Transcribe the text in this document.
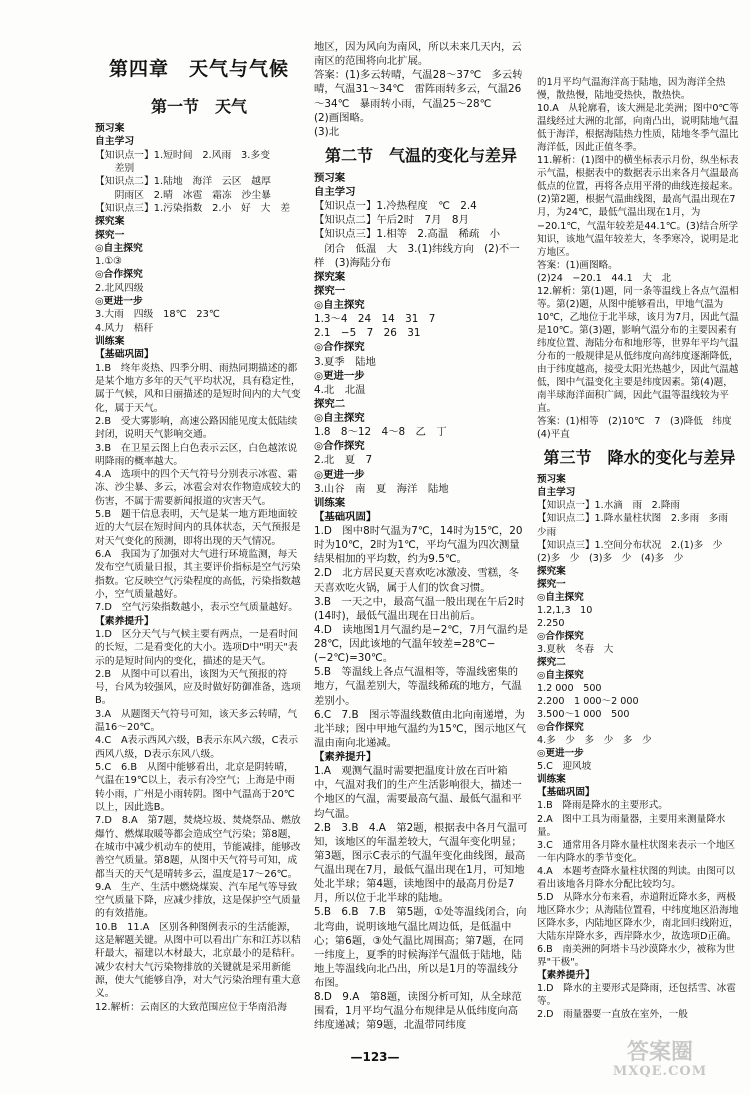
第四章　天气与气候
第一节　天气
预习案
自主学习
【知识点一】1.短时间　2.风雨　3.多变
　　差别
【知识点二】1.陆地　海洋　云区　越厚
　　阴雨区　2.晴　冰雹　霜冻　沙尘暴
【知识点三】1.污染指数　2.小　好　大　差
探究案
探究一
◎自主探究
1.①③
◎合作探究
2.北风四级
◎更进一步
3.大雨　四级　18℃　23℃
4.风力　梧秆
训练案
【基础巩固】
1.B　终年炎热、四季分明、雨热同期描述的都是某个地方多年的天气平均状况，具有稳定性，属于气候，风和日丽描述的是短时间内的大气变化，属于天气。
2.B　受大雾影响，高速公路因能见度太低陆续封闭，说明天气影响交通。
3.B　在卫星云图上白色表示云区，白色越浓说明降雨的概率越大。
4.A　选项中的四个天气符号分别表示冰雹、霜冻、沙尘暴、多云，冰雹会对农作物造成较大的伤害，不属于需要新闻报道的灾害天气。
5.B　题干信息表明，天气是某一地方距地面较近的大气层在短时间内的具体状态，天气预报是对天气变化的预测，即将出现的天气情况。
6.A　我国为了加强对大气进行环境监测，每天发布空气质量日报，其主要评价指标是空气污染指数。它反映空气污染程度的高低，污染指数越小，空气质量越好。
7.D　空气污染指数越小，表示空气质量越好。
【素养提升】
1.D　区分天气与气候主要有两点，一是看时间的长短，二是看变化的大小。选项D中"明天"表示的是短时间内的变化，描述的是天气。
2.B　从图中可以看出，该图为天气预报的符号，台风为较强风，应及时做好防御准备，选项B。
3.A　从题图天气符号可知，该天多云转晴，气温16～20℃。
4.C　A表示西风六级，B表示东风六级，C表示西风八级，D表示东风八级。
5.C　6.B　从图中能够看出，北京是阴转晴，气温在19℃以上，表示有冷空气；上海是中雨转小雨，广州是小雨转阴。图中气温高于20℃以上，因此选B。
7.D　8.A　第7题，焚烧垃圾、焚烧祭品、燃放爆竹、燃煤取暖等都会造成空气污染；第8题，在城市中减少机动车的使用，节能减排，能够改善空气质量。第8题，从图中天气符号可知，成都当天的天气是晴转多云，温度是17～26℃。
9.A　生产、生活中燃烧煤炭、汽车尾气等导致空气质量下降，应减少排放，这是保护空气质量的有效措施。
10.B　11.A　区别各种图例表示的生活能源，这是解题关键。从图中可以看出广东和江苏以秸秆最大，福建以木材最大，北京最小的是秸秆。减少农村大气污染物排放的关键就是采用新能源，使大气能够自净，对大气污染治理有重大意义。
12.解析：云南区的大致范围应位于华南沿海
地区，因为风向为南风，所以未来几天内，云南区的范围将向北扩展。
答案：(1)多云转晴，气温28～37℃　多云转晴，气温31～34℃　雷阵雨转多云，气温26～34℃　暴雨转小雨，气温25～28℃
(2)画图略。
(3)北
第二节　气温的变化与差异
预习案
自主学习
【知识点一】1.冷热程度　℃　2.4
【知识点二】午后2时　7月　8月
【知识点三】1.相等　2.高温　稀疏　小
　闭合　低温　大　3.(1)纬线方向　(2)不一样　(3)海陆分布
探究案
探究一
◎自主探究
1.3～4　24　14　31　7
2.1　−5　7　26　31
◎合作探究
3.夏季　陆地
◎更进一步
4.北　北温
探究二
◎自主探究
1.8　8～12　4～8　乙　丁
◎合作探究
2.北　夏　7
◎更进一步
3.山谷　南　夏　海洋　陆地
训练案
【基础巩固】
1.D　图中8时气温为7℃，14时为15℃，20时为10℃，2时为1℃，平均气温为四次测量结果相加的平均数，约为9.5℃。
2.D　北方居民夏天喜欢吃冰激凌、雪糕，冬天喜欢吃火锅，属于人们的饮食习惯。
3.B　一天之中，最高气温一般出现在午后2时(14时)，最低气温出现在日出前后。
4.D　读地图1月气温约是−2℃，7月气温约是28℃，因此该地的气温年较差=28℃−(−2℃)=30℃。
5.B　等温线上各点气温相等，等温线密集的地方，气温差别大，等温线稀疏的地方，气温差别小。
6.C　7.B　图示等温线数值由北向南递增，为北半球；图中甲地气温约为15℃，图示地区气温由南向北递减。
【素养提升】
1.A　观测气温时需要把温度计放在百叶箱中，气温对我们的生产生活影响很大，描述一个地区的气温，需要最高气温、最低气温和平均气温。
2.B　3.B　4.A　第2题，根据表中各月气温可知，该地区的年温差较大，气温年变化明显；第3题，图示C表示的气温年变化曲线图，最高气温出现在7月，最低气温出现在1月，可知地处北半球；第4题，读地图中的最高月份是7月，所以位于北半球的陆地。
5.B　6.B　7.B　第5题，①处等温线闭合，向北弯曲，说明该地气温比周边低，是低温中心；第6题，③处气温比周围高；第7题，在同一纬度上，夏季的时候海洋气温低于陆地，陆地上等温线向北凸出，所以是1月的等温线分布图。
8.D　9.A　第8题，读图分析可知，从全球范围看，1月平均气温分布规律是从低纬度向高纬度递减；第9题，北温带同纬度
的1月平均气温海洋高于陆地，因为海洋全热慢，散热慢，陆地受热快，散热快。
10.A　从轮廓看，该大洲是北美洲；图中0℃等温线经过大洲的北部，向南凸出，说明陆地气温低于海洋，根据海陆热力性质，陆地冬季气温比海洋低，因此正值冬季。
11.解析：(1)图中的横坐标表示月份，纵坐标表示气温，根据表中的数据表示出来各月气温最高低点的位置，再将各点用平滑的曲线连接起来。(2)第2题，根据气温曲线图，最高气温出现在7月，为24℃，最低气温出现在1月，为−20.1℃，气温年较差是44.1℃。(3)结合所学知识，该地气温年较差大，冬季寒冷，说明是北方地区。
答案：(1)画图略。
(2)24　−20.1　44.1　大　北
12.解析：第(1)题，同一条等温线上各点气温相等。第(2)题，从图中能够看出，甲地气温为10℃，乙地位于北半球，该月为7月，因此气温是10℃。第(3)题，影响气温分布的主要因素有纬度位置、海陆分布和地形等，世界年平均气温分布的一般规律是从低纬度向高纬度逐渐降低，由于纬度越高，接受太阳光热越少，因此气温越低，图中气温变化主要是纬度因素。第(4)题，南半球海洋面积广阔，因此气温等温线较为平直。
答案：(1)相等　(2)10℃　7　(3)降低　纬度　(4)平直
第三节　降水的变化与差异
预习案
自主学习
【知识点一】1.水滴　雨　2.降雨
【知识点二】1.降水量柱状图　2.多雨　多雨　少雨
【知识点三】1.空间分布状况　2.(1)多　少　(2)多　少　(3)多　少　(4)多　少
探究案
探究一
◎自主探究
1.2,1,3　10
2.250
◎合作探究
3.夏秋　冬春　大
探究二
◎自主探究
1.2 000　500
2.200　1 000～2 000
3.500～1 000　500
◎合作探究
4.多　少　多　少　多　少
◎更进一步
5.C　迎风坡
训练案
【基础巩固】
1.B　降雨是降水的主要形式。
2.A　图中工具为雨量器，主要用来测量降水量。
3.C　通常用各月降水量柱状图来表示一个地区一年内降水的季节变化。
4.A　本题考查降水量柱状图的判读。由图可以看出该地各月降水分配比较均匀。
5.D　从降水分布来看，赤道附近降水多，两极地区降水少；从海陆位置看，中纬度地区沿海地区降水多，内陆地区降水少，南北回归线附近，大陆东岸降水多，西岸降水少，故选项D正确。
6.B　南美洲的阿塔卡马沙漠降水少，被称为世界"干极"。
【素养提升】
1.D　降水的主要形式是降雨，还包括雪、冰雹等。
2.D　雨量器要一直放在室外，一般
—123—	答案圈
MXQE.COM
